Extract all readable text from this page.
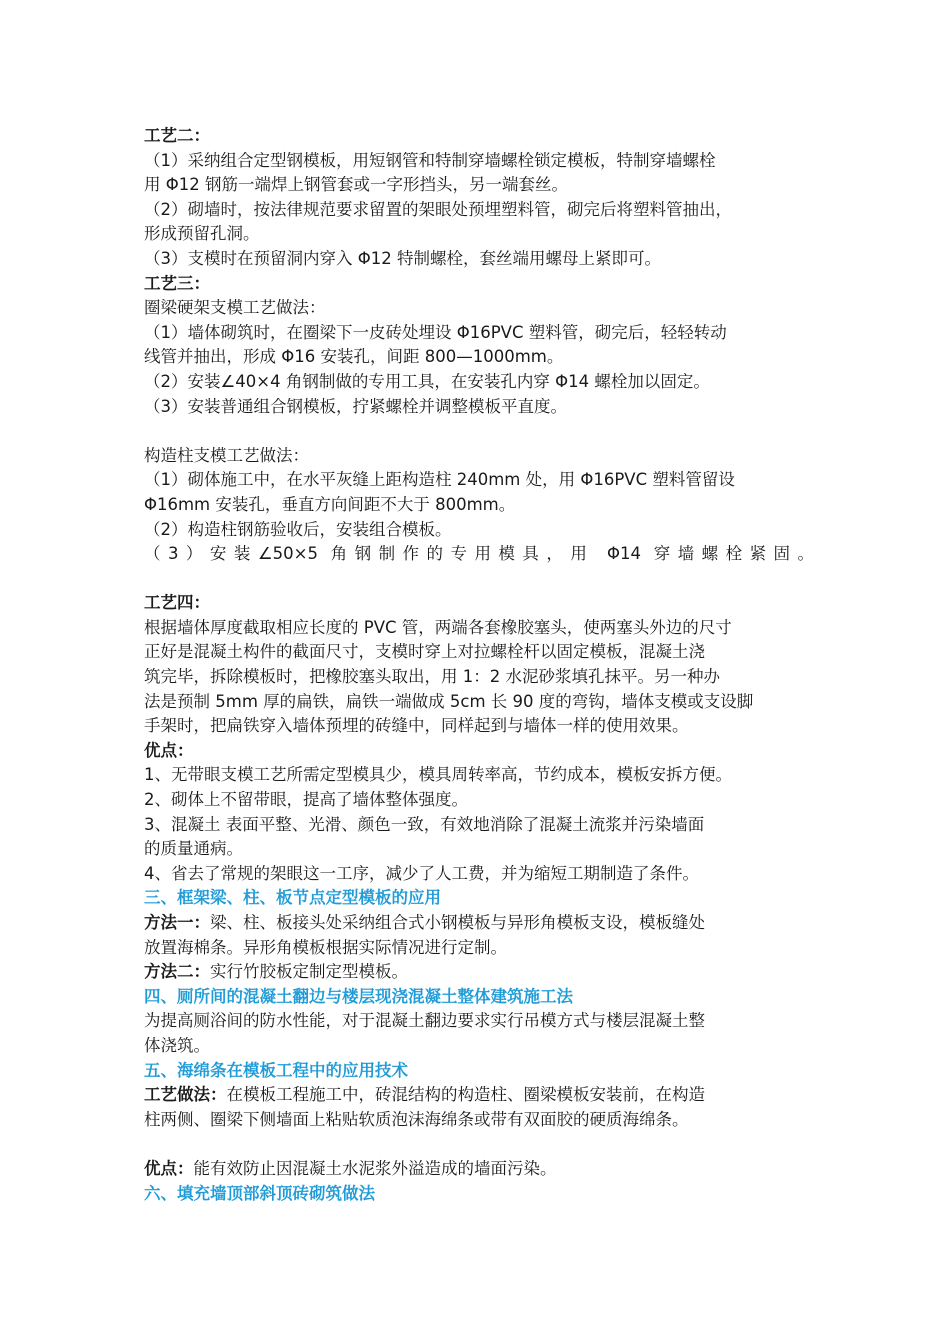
工艺二：
（1）采纳组合定型钢模板，用短钢管和特制穿墙螺栓锁定模板，特制穿墙螺栓
用 Φ12 钢筋一端焊上钢管套或一字形挡头，另一端套丝。
（2）砌墙时，按法律规范要求留置的架眼处预埋塑料管，砌完后将塑料管抽出，
形成预留孔洞。
（3）支模时在预留洞内穿入 Φ12 特制螺栓，套丝端用螺母上紧即可。
工艺三：
圈梁硬架支模工艺做法：
（1）墙体砌筑时，在圈梁下一皮砖处埋设 Φ16PVC 塑料管，砌完后，轻轻转动
线管并抽出，形成 Φ16 安装孔，间距 800—1000mm。
（2）安装∠40×4 角钢制做的专用工具，在安装孔内穿 Φ14 螺栓加以固定。
（3）安装普通组合钢模板，拧紧螺栓并调整模板平直度。
构造柱支模工艺做法：
（1）砌体施工中，在水平灰缝上距构造柱 240mm 处，用 Φ16PVC 塑料管留设
Φ16mm 安装孔，垂直方向间距不大于 800mm。
（2）构造柱钢筋验收后，安装组合模板。
（3）安装∠50×5 角钢制作的专用模具，用 Φ14 穿墙螺栓紧固。
工艺四：
根据墙体厚度截取相应长度的 PVC 管，两端各套橡胶塞头，使两塞头外边的尺寸
正好是混凝土构件的截面尺寸，支模时穿上对拉螺栓杆以固定模板，混凝土浇
筑完毕，拆除模板时，把橡胶塞头取出，用 1：2 水泥砂浆填孔抹平。另一种办
法是预制 5mm 厚的扁铁，扁铁一端做成 5cm 长 90 度的弯钩，墙体支模或支设脚
手架时，把扁铁穿入墙体预埋的砖缝中，同样起到与墙体一样的使用效果。
优点：
1、无带眼支模工艺所需定型模具少，模具周转率高，节约成本，模板安拆方便。
2、砌体上不留带眼，提高了墙体整体强度。
3、混凝土 表面平整、光滑、颜色一致，有效地消除了混凝土流浆并污染墙面
的质量通病。
4、省去了常规的架眼这一工序，减少了人工费，并为缩短工期制造了条件。
三、框架梁、柱、板节点定型模板的应用
方法一：梁、柱、板接头处采纳组合式小钢模板与异形角模板支设，模板缝处
放置海棉条。异形角模板根据实际情况进行定制。
方法二：实行竹胶板定制定型模板。
四、厕所间的混凝土翻边与楼层现浇混凝土整体建筑施工法
为提高厕浴间的防水性能，对于混凝土翻边要求实行吊模方式与楼层混凝土整
体浇筑。
五、海绵条在模板工程中的应用技术
工艺做法：在模板工程施工中，砖混结构的构造柱、圈梁模板安装前，在构造
柱两侧、圈梁下侧墙面上粘贴软质泡沫海绵条或带有双面胶的硬质海绵条。
优点：能有效防止因混凝土水泥浆外溢造成的墙面污染。
六、填充墙顶部斜顶砖砌筑做法
